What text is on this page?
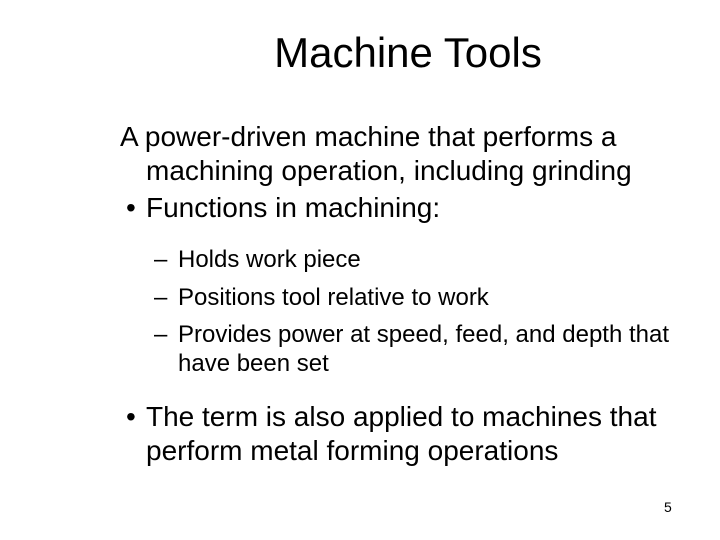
Machine Tools

A power‑driven machine that performs a machining operation, including grinding

• Functions in machining:
– Holds work piece
– Positions tool relative to work
– Provides power at speed, feed, and depth that have been set
• The term is also applied to machines that perform metal forming operations
5
